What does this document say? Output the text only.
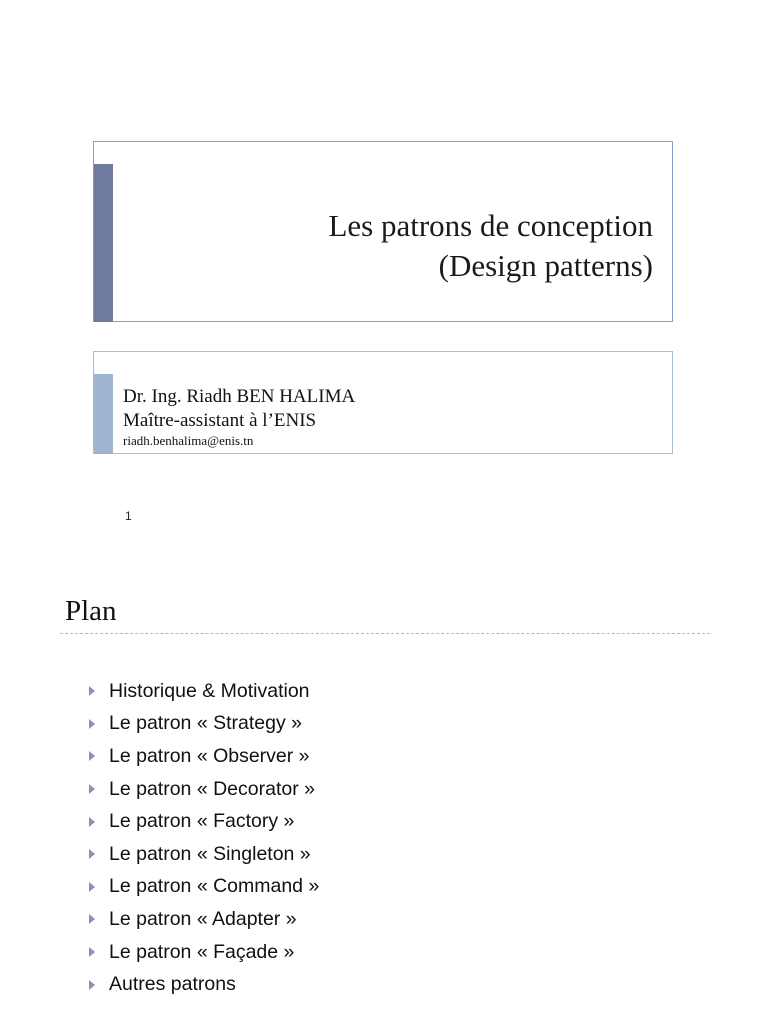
Les patrons de conception
(Design patterns)
Dr. Ing. Riadh BEN HALIMA
Maître-assistant à l’ENIS
riadh.benhalima@enis.tn
1
Plan
Historique & Motivation
Le patron « Strategy »
Le patron « Observer »
Le patron « Decorator »
Le patron « Factory »
Le patron « Singleton »
Le patron « Command »
Le patron « Adapter »
Le patron « Façade »
Autres patrons
